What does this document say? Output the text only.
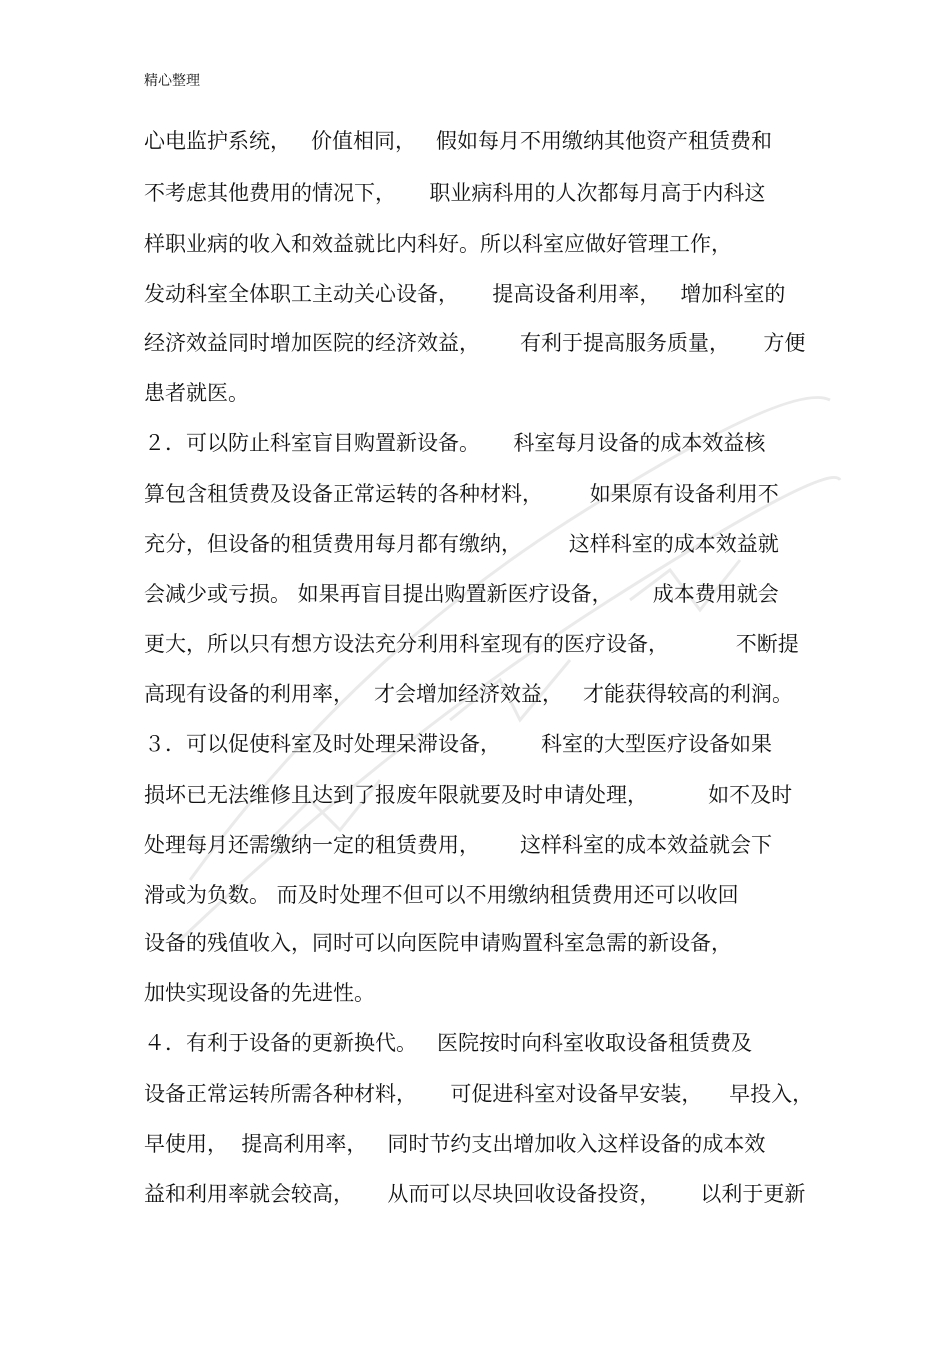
精心整理
心电监护系统，   价值相同，   假如每月不用缴纳其他资产租赁费和
不考虑其他费用的情况下，     职业病科用的人次都每月高于内科这
样职业病的收入和效益就比内科好。所以科室应做好管理工作，
发动科室全体职工主动关心设备，     提高设备利用率，   增加科室的
经济效益同时增加医院的经济效益，      有利于提高服务质量，     方便
患者就医。
２．可以防止科室盲目购置新设备。     科室每月设备的成本效益核
算包含租赁费及设备正常运转的各种材料，       如果原有设备利用不
充分，但设备的租赁费用每月都有缴纳，       这样科室的成本效益就
会减少或亏损。 如果再盲目提出购置新医疗设备，      成本费用就会
更大，所以只有想方设法充分利用科室现有的医疗设备，          不断提
高现有设备的利用率，   才会增加经济效益，   才能获得较高的利润。
３．可以促使科室及时处理呆滞设备，      科室的大型医疗设备如果
损坏已无法维修且达到了报废年限就要及时申请处理，         如不及时
处理每月还需缴纳一定的租赁费用，      这样科室的成本效益就会下
滑或为负数。 而及时处理不但可以不用缴纳租赁费用还可以收回
设备的残值收入，同时可以向医院申请购置科室急需的新设备，
加快实现设备的先进性。
４．有利于设备的更新换代。   医院按时向科室收取设备租赁费及
设备正常运转所需各种材料，     可促进科室对设备早安装，    早投入，
早使用，  提高利用率，   同时节约支出增加收入这样设备的成本效
益和利用率就会较高，     从而可以尽块回收设备投资，      以利于更新
